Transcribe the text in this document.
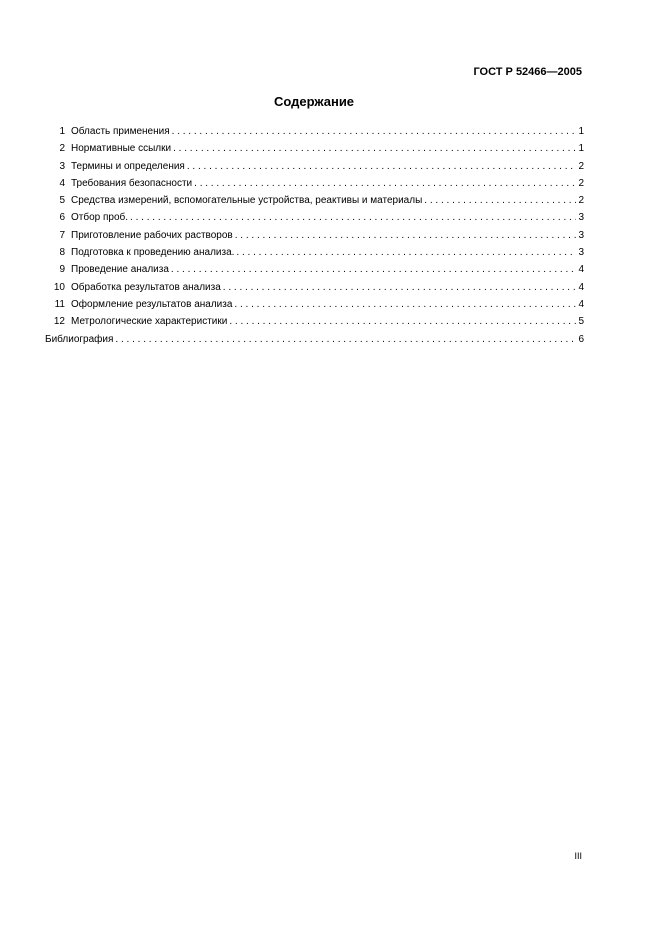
ГОСТ Р 52466—2005
Содержание
1 Область применения . . .	1
2 Нормативные ссылки . . .	1
3 Термины и определения . . .	2
4 Требования безопасности . . .	2
5 Средства измерений, вспомогательные устройства, реактивы и материалы . . .	2
6 Отбор проб. . . .	3
7 Приготовление рабочих растворов . . .	3
8 Подготовка к проведению анализа. . . .	3
9 Проведение анализа . . .	4
10 Обработка результатов анализа . . .	4
11 Оформление результатов анализа . . .	4
12 Метрологические характеристики . . .	5
Библиография . . .	6
III
